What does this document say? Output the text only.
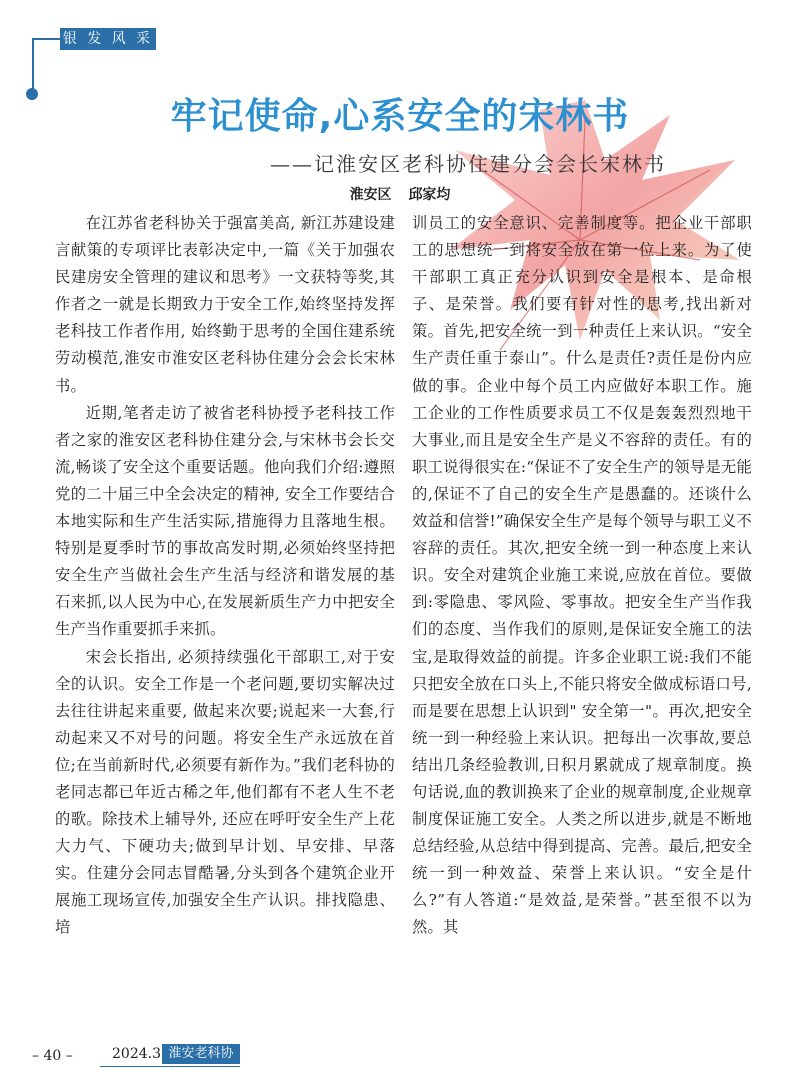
银 发 风 采
牢记使命,心系安全的宋林书
——记淮安区老科协住建分会会长宋林书
淮安区 邱家均

在江苏省老科协关于强富美高, 新江苏建设建言献策的专项评比表彰决定中,一篇《关于加强农民建房安全管理的建议和思考》一文获特等奖,其作者之一就是长期致力于安全工作,始终坚持发挥老科技工作者作用, 始终勤于思考的全国住建系统劳动模范,淮安市淮安区老科协住建分会会长宋林书。

近期,笔者走访了被省老科协授予老科技工作者之家的淮安区老科协住建分会,与宋林书会长交流,畅谈了安全这个重要话题。他向我们介绍:遵照党的二十届三中全会决定的精神, 安全工作要结合本地实际和生产生活实际,措施得力且落地生根。特别是夏季时节的事故高发时期,必须始终坚持把安全生产当做社会生产生活与经济和谐发展的基石来抓,以人民为中心,在发展新质生产力中把安全生产当作重要抓手来抓。

宋会长指出, 必须持续强化干部职工,对于安全的认识。安全工作是一个老问题,要切实解决过去往往讲起来重要, 做起来次要;说起来一大套,行动起来又不对号的问题。将安全生产永远放在首位;在当前新时代,必须要有新作为。”我们老科协的老同志都已年近古稀之年,他们都有不老人生不老的歌。除技术上辅导外, 还应在呼吁安全生产上花大力气、下硬功夫;做到早计划、早安排、早落实。住建分会同志冒酷暑,分头到各个建筑企业开展施工现场宣传,加强安全生产认识。排找隐患、培

训员工的安全意识、完善制度等。把企业干部职工的思想统一到将安全放在第一位上来。为了使干部职工真正充分认识到安全是根本、是命根子、是荣誉。我们要有针对性的思考,找出新对策。首先,把安全统一到一种责任上来认识。“安全生产责任重于泰山”。什么是责任?责任是份内应做的事。企业中每个员工内应做好本职工作。施工企业的工作性质要求员工不仅是轰轰烈烈地干大事业,而且是安全生产是义不容辞的责任。有的职工说得很实在:“保证不了安全生产的领导是无能的,保证不了自己的安全生产是愚蠢的。还谈什么效益和信誉!”确保安全生产是每个领导与职工义不容辞的责任。其次,把安全统一到一种态度上来认识。安全对建筑企业施工来说,应放在首位。要做到:零隐患、零风险、零事故。把安全生产当作我们的态度、当作我们的原则,是保证安全施工的法宝,是取得效益的前提。许多企业职工说:我们不能只把安全放在口头上,不能只将安全做成标语口号, 而是要在思想上认识到" 安全第一"。再次,把安全统一到一种经验上来认识。把每出一次事故,要总结出几条经验教训,日积月累就成了规章制度。换句话说,血的教训换来了企业的规章制度,企业规章制度保证施工安全。人类之所以进步,就是不断地总结经验,从总结中得到提高、完善。最后,把安全统一到一种效益、荣誉上来认识。“安全是什么?”有人答道:“是效益,是荣誉。”甚至很不以为然。其

– 40 –	2024.3 淮安老科协
